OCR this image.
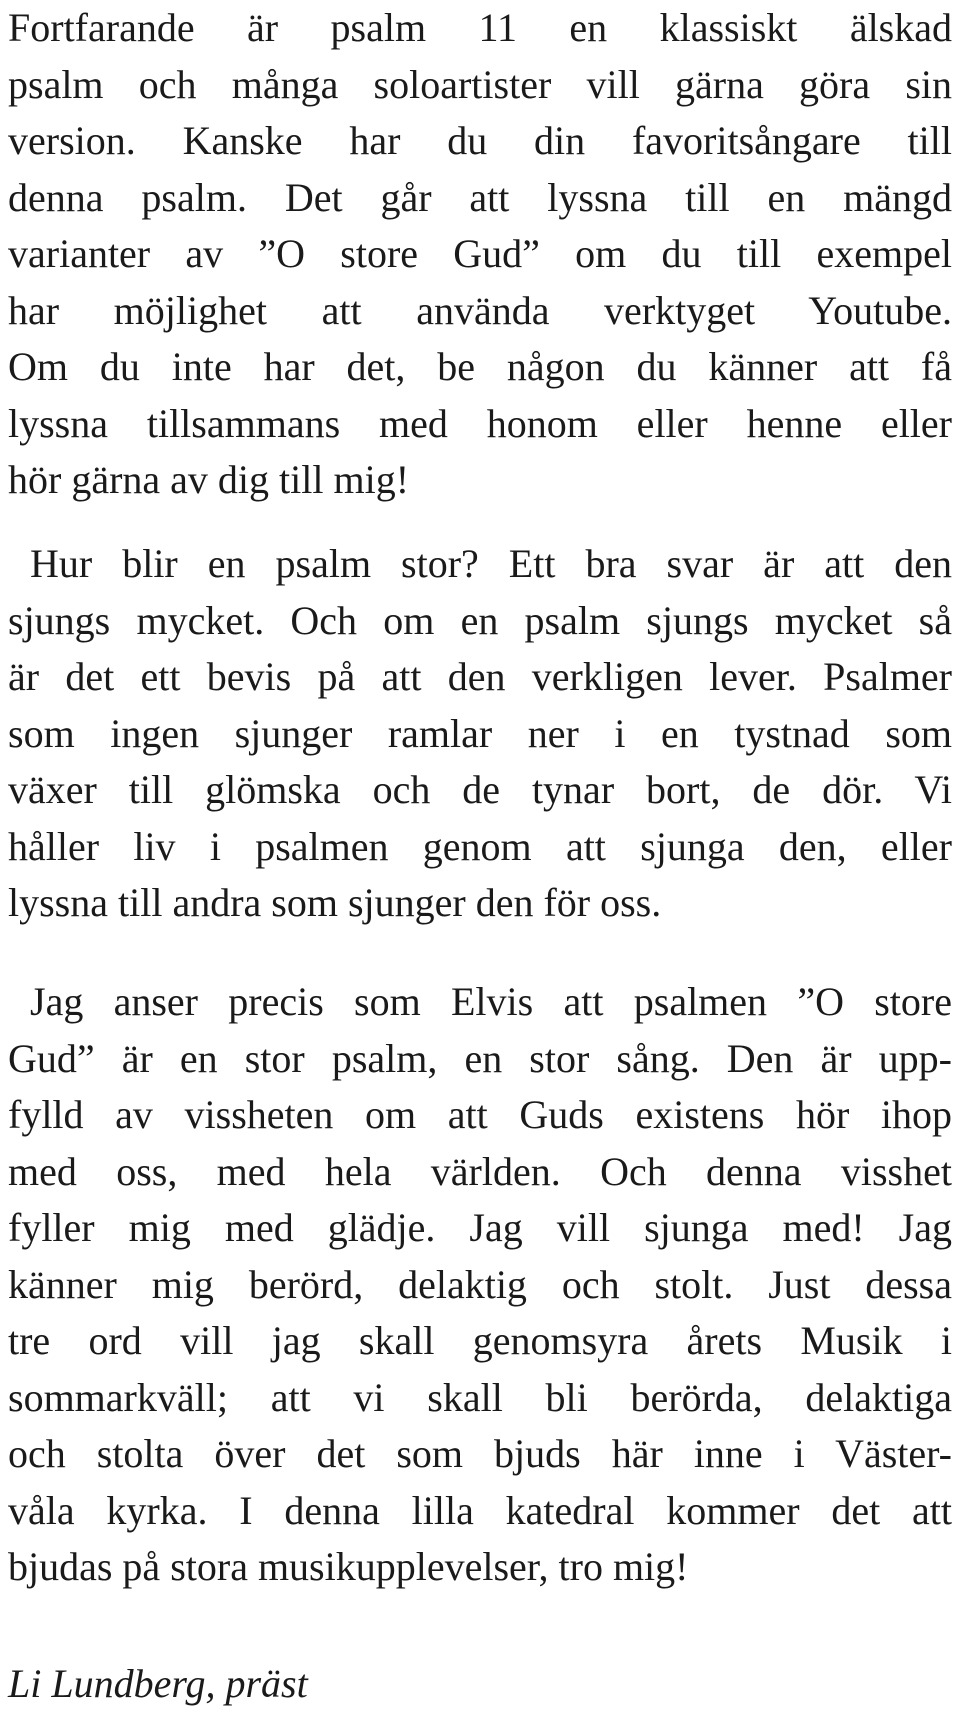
Fortfarande är psalm 11 en klassiskt älskad
psalm och många soloartister vill gärna göra sin
version. Kanske har du din favoritsångare till
denna psalm. Det går att lyssna till en mängd
varianter av ”O store Gud” om du till exempel
har möjlighet att använda verktyget Youtube.
Om du inte har det, be någon du känner att få
lyssna tillsammans med honom eller henne eller
hör gärna av dig till mig!
Hur blir en psalm stor? Ett bra svar är att den
sjungs mycket. Och om en psalm sjungs mycket så
är det ett bevis på att den verkligen lever. Psalmer
som ingen sjunger ramlar ner i en tystnad som
växer till glömska och de tynar bort, de dör. Vi
håller liv i psalmen genom att sjunga den, eller
lyssna till andra som sjunger den för oss.
Jag anser precis som Elvis att psalmen ”O store
Gud” är en stor psalm, en stor sång. Den är upp-
fylld av vissheten om att Guds existens hör ihop
med oss, med hela världen. Och denna visshet
fyller mig med glädje. Jag vill sjunga med! Jag
känner mig berörd, delaktig och stolt. Just dessa
tre ord vill jag skall genomsyra årets Musik i
sommarkväll; att vi skall bli berörda, delaktiga
och stolta över det som bjuds här inne i Väster-
våla kyrka. I denna lilla katedral kommer det att
bjudas på stora musikupplevelser, tro mig!
Li Lundberg, präst
